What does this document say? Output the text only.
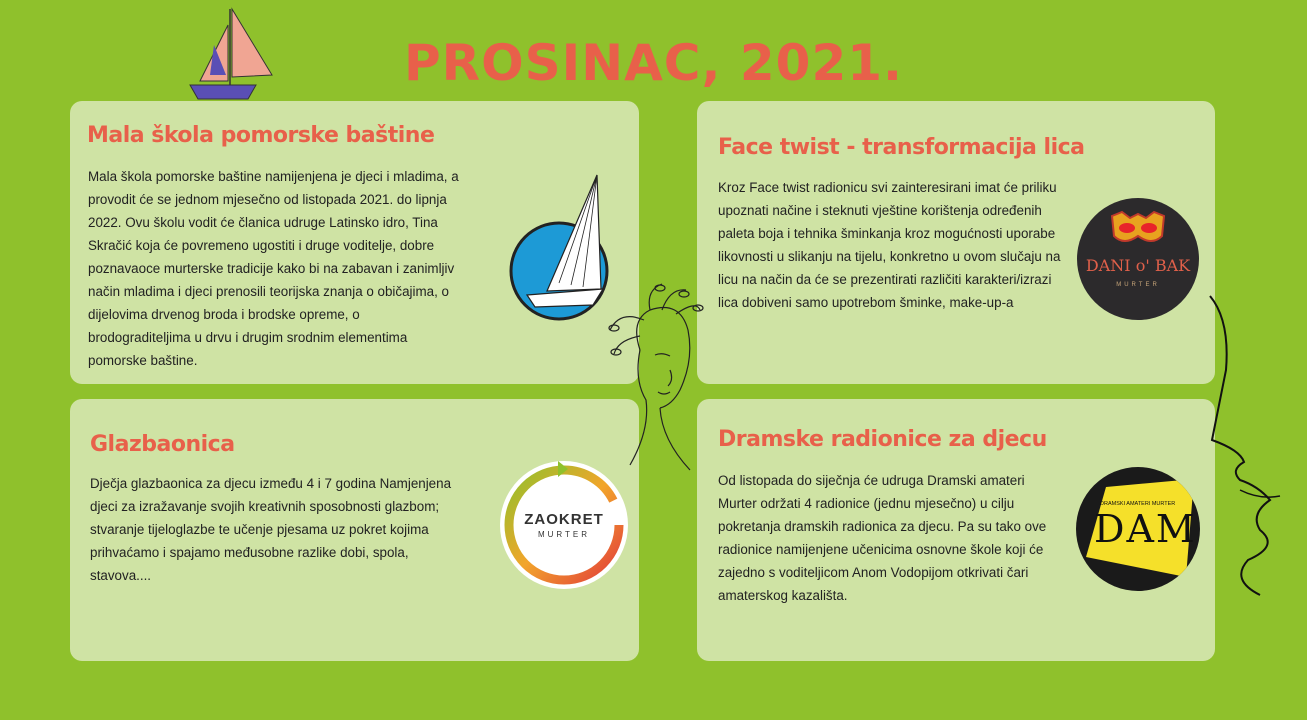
PROSINAC, 2021.
Mala škola pomorske baštine

Mala škola pomorske baštine namijenjena je djeci i mladima, a provodit će se jednom mjesečno od listopada 2021. do lipnja 2022. Ovu školu vodit će članica udruge Latinsko idro, Tina Skračić koja će povremeno ugostiti i druge voditelje, dobre poznavaoce murterske tradicije kako bi na zabavan i zanimljiv način mladima i djeci prenosili teorijska znanja o običajima, o dijelovima drvenog broda i brodske opreme, o brodograditeljima u drvu i drugim srodnim elementima pomorske baštine.

Face twist - transformacija lica

Kroz Face twist radionicu svi zainteresirani imat će priliku upoznati načine i steknuti vještine korištenja određenih paleta boja i tehnika šminkanja kroz mogućnosti uporabe likovnosti u slikanju na tijelu, konkretno u ovom slučaju na licu na način da će se prezentirati različiti karakteri/izrazi lica dobiveni samo upotrebom šminke, make-up-a

DANI o' BAK
MURTER
Glazbaonica

Dječja glazbaonica za djecu između 4 i 7 godina Namjenjena djeci za izražavanje svojih kreativnih sposobnosti glazbom; stvaranje tijeloglazbe te učenje pjesama uz pokret kojima prihvaćamo i spajamo međusobne razlike dobi, spola, stavova....

ZAOKRET
MURTER
Dramske radionice za djecu

Od listopada do siječnja će udruga Dramski amateri Murter održati 4 radionice (jednu mjesečno) u cilju pokretanja dramskih radionica za djecu. Pa su tako ove radionice namijenjene učenicima osnovne škole koji će zajedno s voditeljicom Anom Vodopijom otkrivati čari amaterskog kazališta.

DRAMSKI AMATERI MURTER
DAM
